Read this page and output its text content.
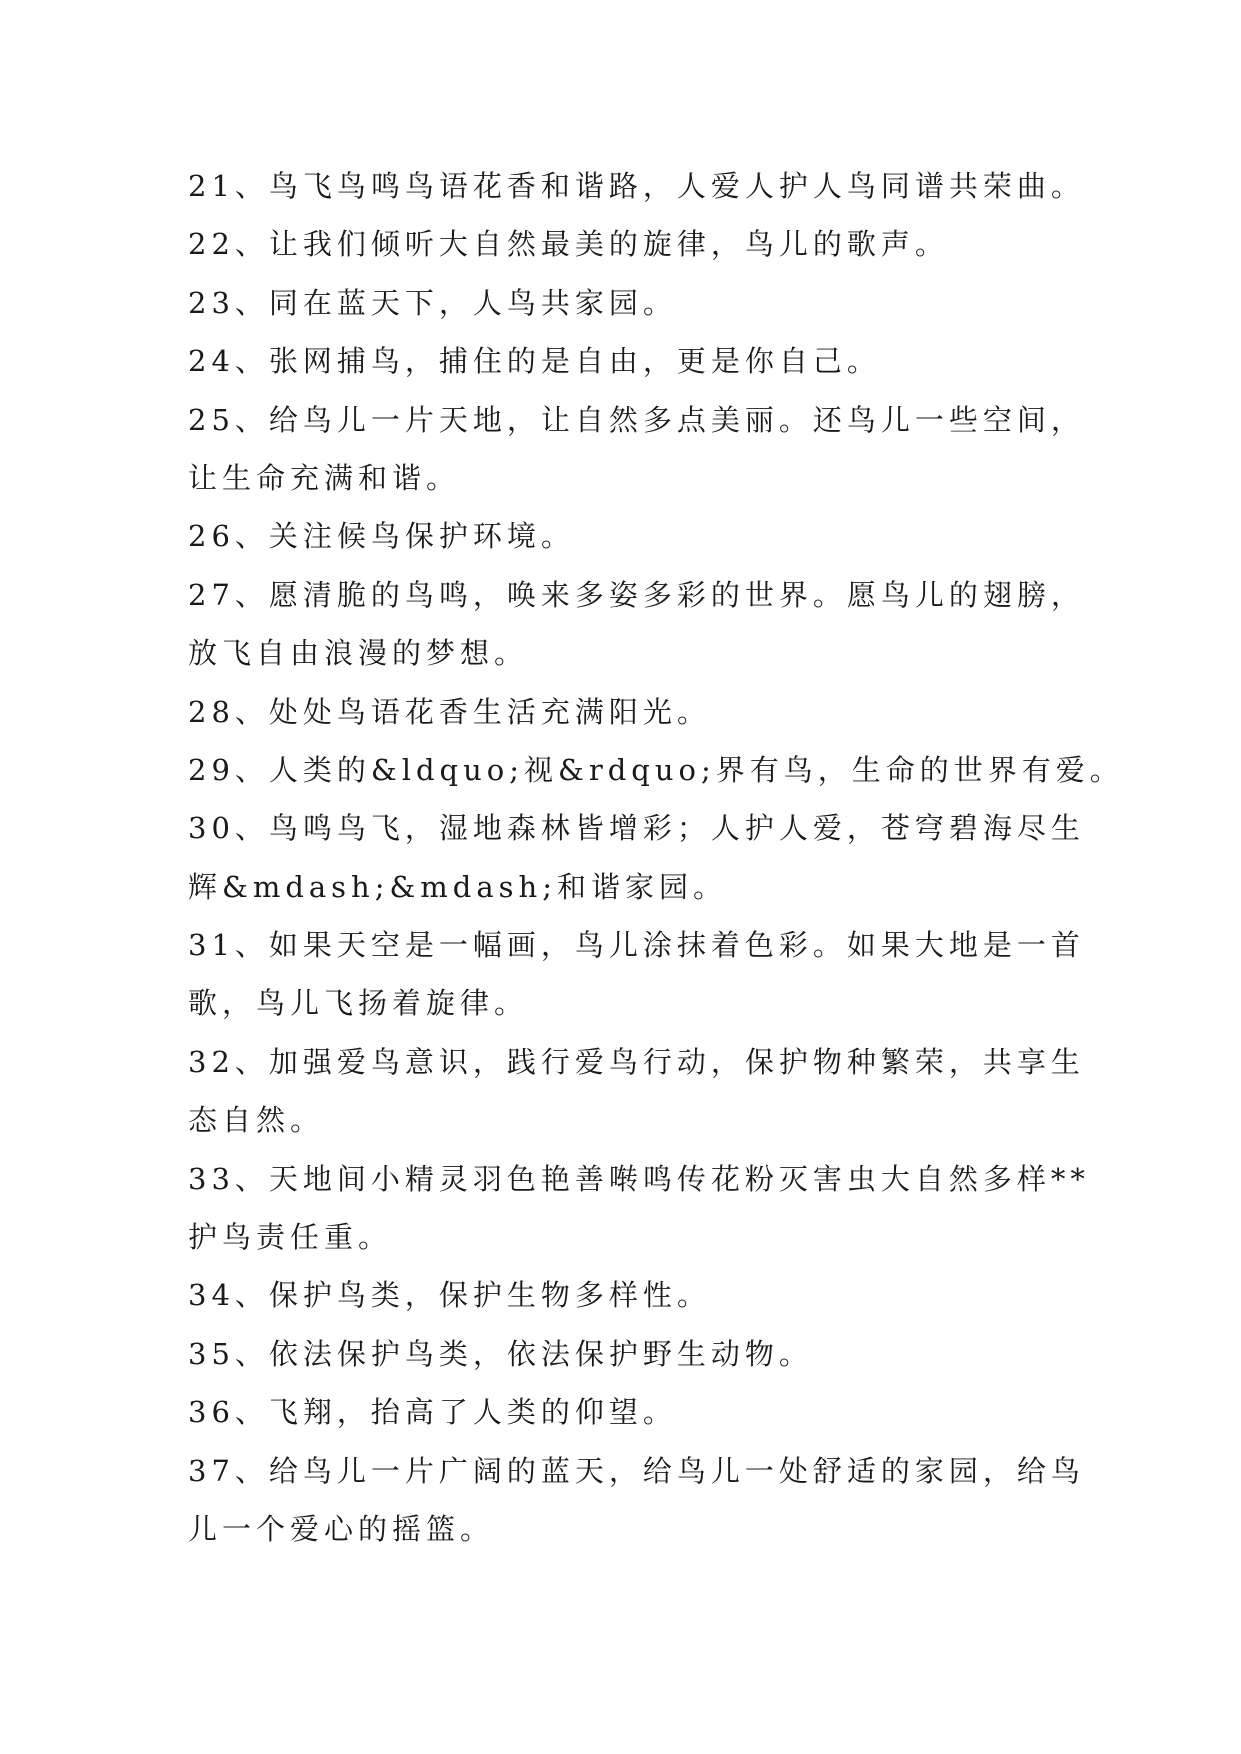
21、鸟飞鸟鸣鸟语花香和谐路，人爱人护人鸟同谱共荣曲。

22、让我们倾听大自然最美的旋律，鸟儿的歌声。

23、同在蓝天下，人鸟共家园。

24、张网捕鸟，捕住的是自由，更是你自己。

25、给鸟儿一片天地，让自然多点美丽。还鸟儿一些空间，

让生命充满和谐。

26、关注候鸟保护环境。

27、愿清脆的鸟鸣，唤来多姿多彩的世界。愿鸟儿的翅膀，

放飞自由浪漫的梦想。

28、处处鸟语花香生活充满阳光。

29、人类的&ldquo;视&rdquo;界有鸟，生命的世界有爱。

30、鸟鸣鸟飞，湿地森林皆增彩；人护人爱，苍穹碧海尽生

辉&mdash;&mdash;和谐家园。

31、如果天空是一幅画，鸟儿涂抹着色彩。如果大地是一首

歌，鸟儿飞扬着旋律。

32、加强爱鸟意识，践行爱鸟行动，保护物种繁荣，共享生

态自然。

33、天地间小精灵羽色艳善啭鸣传花粉灭害虫大自然多样**

护鸟责任重。

34、保护鸟类，保护生物多样性。

35、依法保护鸟类，依法保护野生动物。

36、飞翔，抬高了人类的仰望。

37、给鸟儿一片广阔的蓝天，给鸟儿一处舒适的家园，给鸟

儿一个爱心的摇篮。
